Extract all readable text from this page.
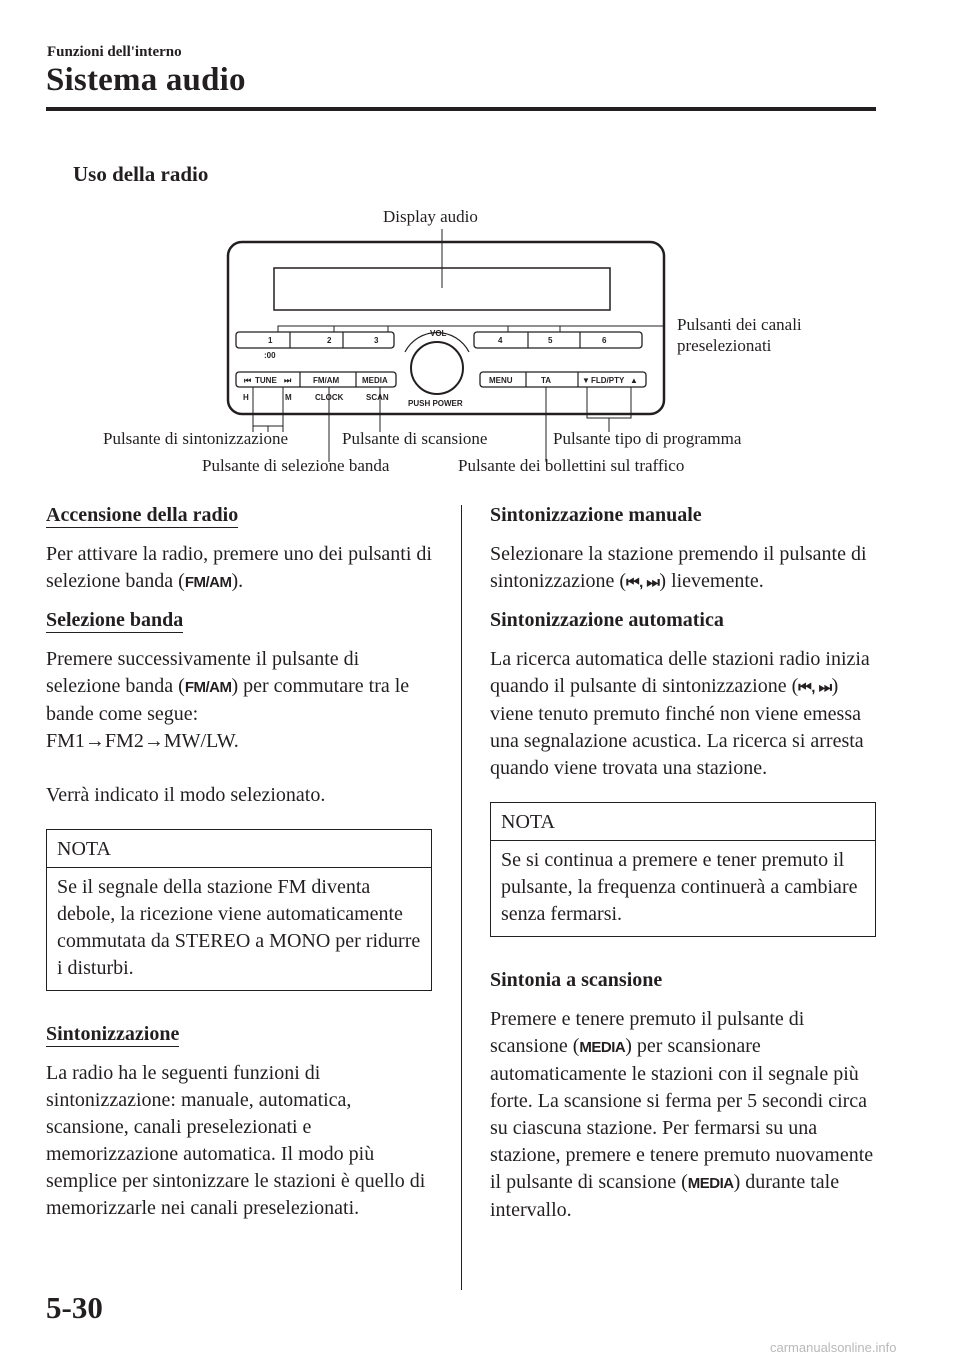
Funzioni dell'interno
Sistema audio
Uso della radio
1	2	3
:00
4	5	6
VOL
PUSH POWER
⏮ TUNE ⏭	FM/AM	MEDIA
H	M	CLOCK	SCAN
MENU	TA	▼ FLD/PTY ▲
Display audio
Pulsanti dei canali
preselezionati
Pulsante di sintonizzazione	Pulsante di scansione	Pulsante tipo di programma
Pulsante di selezione banda	Pulsante dei bollettini sul traffico
Accensione della radio

Per attivare la radio, premere uno dei pulsanti di selezione banda (FM/AM).

Selezione banda

Premere successivamente il pulsante di selezione banda (FM/AM) per commutare tra le bande come segue:

FM1→FM2→MW/LW.

Verrà indicato il modo selezionato.

NOTA
Se il segnale della stazione FM diventa debole, la ricezione viene automaticamente commutata da STEREO a MONO per ridurre i disturbi.
Sintonizzazione

La radio ha le seguenti funzioni di sintonizzazione: manuale, automatica, scansione, canali preselezionati e memorizzazione automatica. Il modo più semplice per sintonizzare le stazioni è quello di memorizzarle nei canali preselezionati.

Sintonizzazione manuale

Selezionare la stazione premendo il pulsante di sintonizzazione (⏮, ⏭) lievemente.

Sintonizzazione automatica

La ricerca automatica delle stazioni radio inizia quando il pulsante di sintonizzazione (⏮, ⏭) viene tenuto premuto finché non viene emessa una segnalazione acustica. La ricerca si arresta quando viene trovata una stazione.

NOTA
Se si continua a premere e tener premuto il pulsante, la frequenza continuerà a cambiare senza fermarsi.
Sintonia a scansione

Premere e tenere premuto il pulsante di scansione (MEDIA) per scansionare automaticamente le stazioni con il segnale più forte. La scansione si ferma per 5 secondi circa su ciascuna stazione. Per fermarsi su una stazione, premere e tenere premuto nuovamente il pulsante di scansione (MEDIA) durante tale intervallo.

5-30
carmanualsonline.info
